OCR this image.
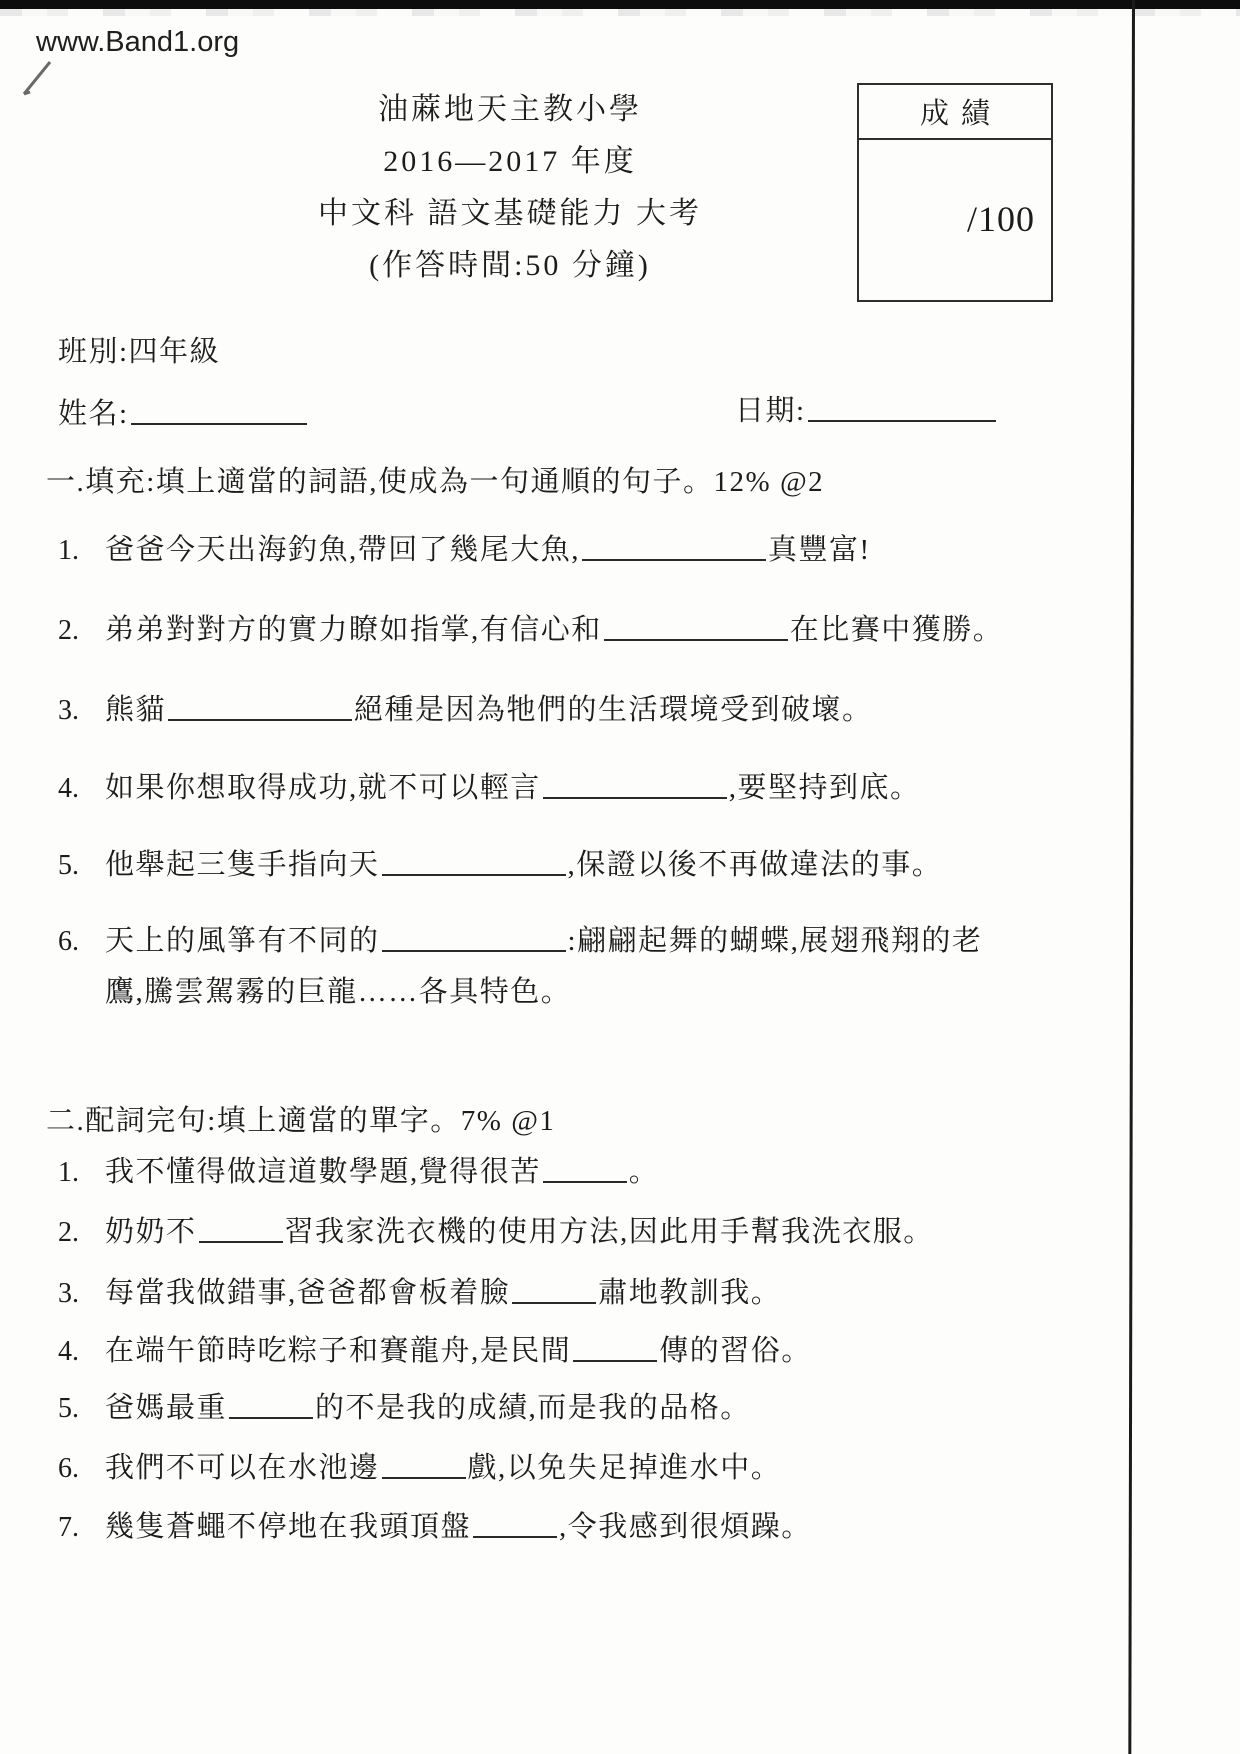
www.Band1.org
油蔴地天主教小學
2016—2017 年度
中文科 語文基礎能力 大考
(作答時間:50 分鐘)
成績
/100
班別:四年級
姓名:	日期:
一.填充:填上適當的詞語,使成為一句通順的句子。12% @2
1. 爸爸今天出海釣魚,帶回了幾尾大魚,	真豐富!
2. 弟弟對對方的實力瞭如指掌,有信心和	在比賽中獲勝。
3. 熊貓	絕種是因為牠們的生活環境受到破壞。
4. 如果你想取得成功,就不可以輕言	,要堅持到底。
5. 他舉起三隻手指向天	,保證以後不再做違法的事。
6. 天上的風箏有不同的	:翩翩起舞的蝴蝶,展翅飛翔的老
鷹,騰雲駕霧的巨龍……各具特色。
二.配詞完句:填上適當的單字。7% @1
1. 我不懂得做這道數學題,覺得很苦	。
2. 奶奶不	習我家洗衣機的使用方法,因此用手幫我洗衣服。
3. 每當我做錯事,爸爸都會板着臉	肅地教訓我。
4. 在端午節時吃粽子和賽龍舟,是民間	傳的習俗。
5. 爸媽最重	的不是我的成績,而是我的品格。
6. 我們不可以在水池邊	戲,以免失足掉進水中。
7. 幾隻蒼蠅不停地在我頭頂盤	,令我感到很煩躁。
